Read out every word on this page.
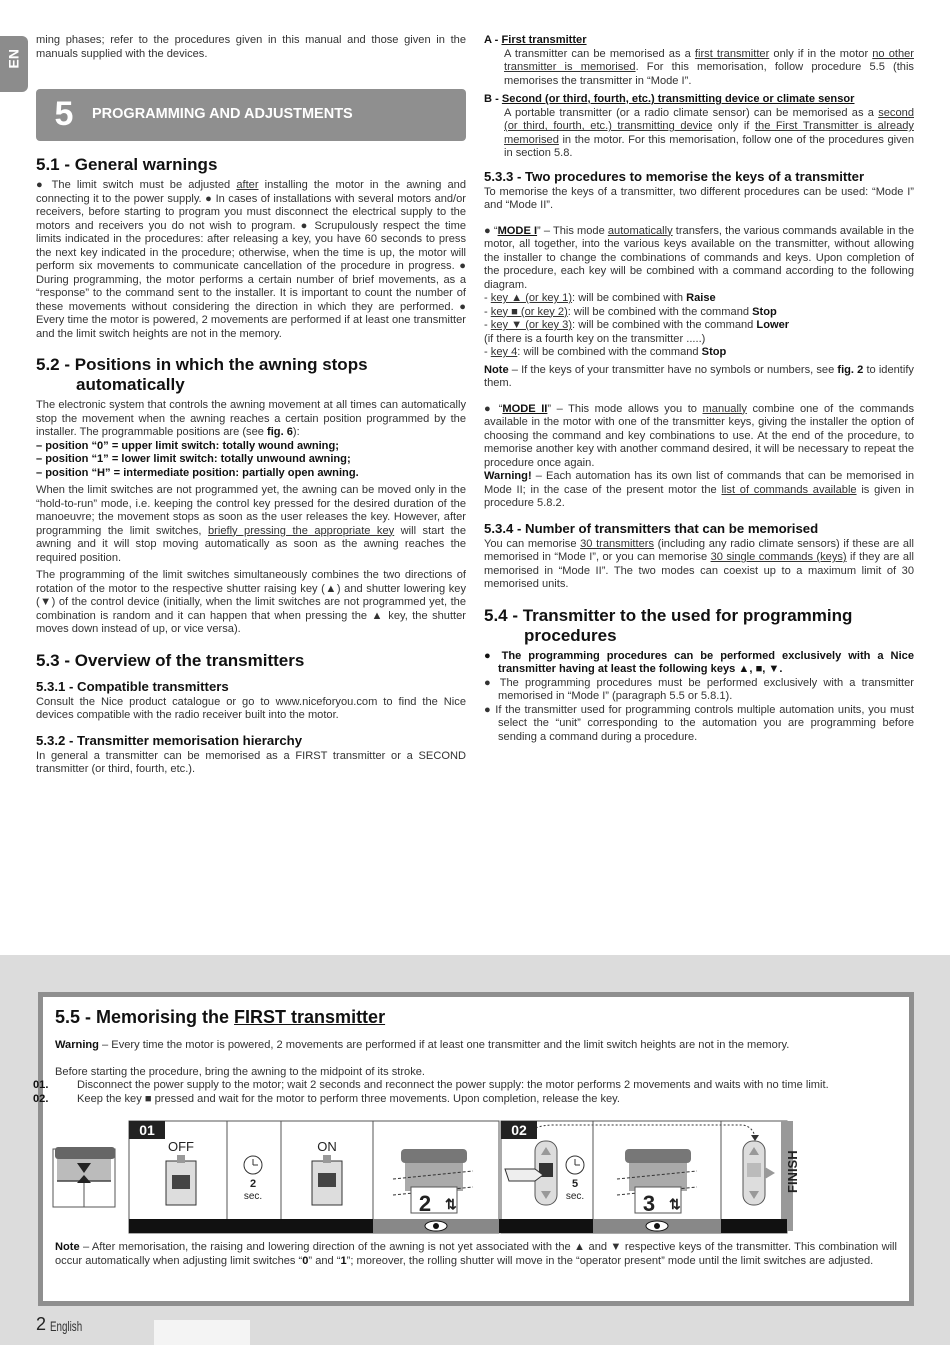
EN

ming phases; refer to the procedures given in this manual and those given in the manuals supplied with the devices.

5	PROGRAMMING AND ADJUSTMENTS
5.1 - General warnings

● The limit switch must be adjusted after installing the motor in the awning and connecting it to the power supply. ● In cases of installations with several motors and/or receivers, before starting to program you must disconnect the electrical supply to the motors and receivers you do not wish to program. ● Scrupulously respect the time limits indicated in the procedures: after releasing a key, you have 60 seconds to press the next key indicated in the procedure; otherwise, when the time is up, the motor will perform six movements to communicate cancellation of the procedure in progress. ● During programming, the motor performs a certain number of brief movements, as a “response” to the command sent to the installer. It is important to count the number of these movements without considering the direction in which they are performed. ● Every time the motor is powered, 2 movements are performed if at least one transmitter and the limit switch heights are not in the memory.

5.2 - Positions in which the awning stops
automatically

The electronic system that controls the awning movement at all times can automatically stop the movement when the awning reaches a certain position programmed by the installer. The programmable positions are (see fig. 6):

– position “0” = upper limit switch: totally wound awning;

– position “1” = lower limit switch: totally unwound awning;

– position “H” = intermediate position: partially open awning.

When the limit switches are not programmed yet, the awning can be moved only in the “hold-to-run” mode, i.e. keeping the control key pressed for the desired duration of the manoeuvre; the movement stops as soon as the user releases the key. However, after programming the limit switches, briefly pressing the appropriate key will start the awning and it will stop moving automatically as soon as the awning reaches the required position.

The programming of the limit switches simultaneously combines the two directions of rotation of the motor to the respective shutter raising key (▲) and shutter lowering key (▼) of the control device (initially, when the limit switches are not programmed yet, the combination is random and it can happen that when pressing the ▲ key, the shutter moves down instead of up, or vice versa).

5.3 - Overview of the transmitters
5.3.1 - Compatible transmitters

Consult the Nice product catalogue or go to www.niceforyou.com to find the Nice devices compatible with the radio receiver built into the motor.

5.3.2 - Transmitter memorisation hierarchy

In general a transmitter can be memorised as a FIRST transmitter or a SECOND transmitter (or third, fourth, etc.).

A - First transmitter

A transmitter can be memorised as a first transmitter only if in the motor no other transmitter is memorised. For this memorisation, follow procedure 5.5 (this memorises the transmitter in “Mode I”.

B - Second (or third, fourth, etc.) transmitting device or climate sensor

A portable transmitter (or a radio climate sensor) can be memorised as a second (or third, fourth, etc.) transmitting device only if the First Transmitter is already memorised in the motor. For this memorisation, follow one of the procedures given in section 5.8.

5.3.3 - Two procedures to memorise the keys of a transmitter

To memorise the keys of a transmitter, two different procedures can be used: “Mode I” and “Mode II”.

● “MODE I” – This mode automatically transfers, the various commands available in the motor, all together, into the various keys available on the transmitter, without allowing the installer to change the combinations of commands and keys. Upon completion of the procedure, each key will be combined with a command according to the following diagram.

- key ▲ (or key 1): will be combined with Raise

- key ■ (or key 2): will be combined with the command Stop

- key ▼ (or key 3): will be combined with the command Lower

(if there is a fourth key on the transmitter .....)

- key 4: will be combined with the command Stop

Note – If the keys of your transmitter have no symbols or numbers, see fig. 2 to identify them.

● “MODE II” – This mode allows you to manually combine one of the commands available in the motor with one of the transmitter keys, giving the installer the option of choosing the command and key combinations to use. At the end of the procedure, to memorise another key with another command desired, it will be necessary to repeat the procedure once again.

Warning! – Each automation has its own list of commands that can be memorised in Mode II; in the case of the present motor the list of commands available is given in procedure 5.8.2.

5.3.4 - Number of transmitters that can be memorised

You can memorise 30 transmitters (including any radio climate sensors) if these are all memorised in “Mode I”, or you can memorise 30 single commands (keys) if they are all memorised in “Mode II”. The two modes can coexist up to a maximum limit of 30 memorised units.

5.4 - Transmitter to the used for programming
procedures

● The programming procedures can be performed exclusively with a Nice transmitter having at least the following keys ▲, ■, ▼.

● The programming procedures must be performed exclusively with a transmitter memorised in “Mode I” (paragraph 5.5 or 5.8.1).

● If the transmitter used for programming controls multiple automation units, you must select the “unit” corresponding to the automation you are programming before sending a command during a procedure.

5.5 - Memorising the FIRST transmitter

Warning – Every time the motor is powered, 2 movements are performed if at least one transmitter and the limit switch heights are not in the memory.

Before starting the procedure, bring the awning to the midpoint of its stroke.

01.	Disconnect the power supply to the motor; wait 2 seconds and reconnect the power supply: the motor performs 2 movements and waits with no time limit.

02.	Keep the key ■ pressed and wait for the motor to perform three movements. Upon completion, release the key.

01
OFF
2
sec.
ON
2 ⇅
02
5
sec.	3 ⇅
FINISH

Note – After memorisation, the raising and lowering direction of the awning is not yet associated with the ▲ and ▼ respective keys of the transmitter. This combination will occur automatically when adjusting limit switches “0” and “1”; moreover, the rolling shutter will move in the “operator present” mode until the limit switches are adjusted.

2 English
